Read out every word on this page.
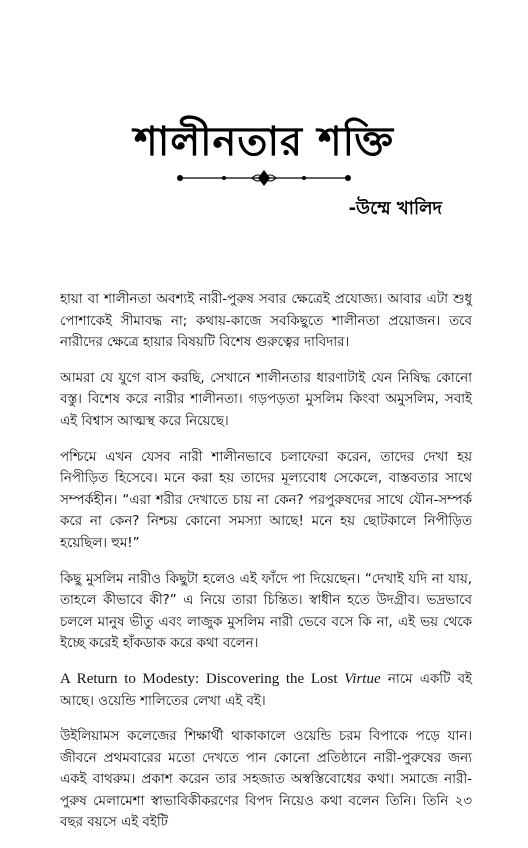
শালীনতার শক্তি
-উম্মে খালিদ

হায়া বা শালীনতা অবশ্যই নারী-পুরুষ সবার ক্ষেত্রেই প্রযোজ্য। আবার এটা শুধু পোশাকেই সীমাবদ্ধ না; কথায়-কাজে সবকিছুতে শালীনতা প্রয়োজন। তবে নারীদের ক্ষেত্রে হায়ার বিষয়টি বিশেষ গুরুত্বের দাবিদার।

আমরা যে যুগে বাস করছি, সেখানে শালীনতার ধারণাটাই যেন নিষিদ্ধ কোনো বস্তু। বিশেষ করে নারীর শালীনতা। গড়পড়তা মুসলিম কিংবা অমুসলিম, সবাই এই বিশ্বাস আত্মস্থ করে নিয়েছে।

পশ্চিমে এখন যেসব নারী শালীনভাবে চলাফেরা করেন, তাদের দেখা হয় নিপীড়িত হিসেবে। মনে করা হয় তাদের মূল্যবোধ সেকেলে, বাস্তবতার সাথে সম্পর্কহীন। “এরা শরীর দেখাতে চায় না কেন? পরপুরুষদের সাথে যৌন-সম্পর্ক করে না কেন? নিশ্চয় কোনো সমস্যা আছে! মনে হয় ছোটকালে নিপীড়িত হয়েছিল। হুম!”

কিছু মুসলিম নারীও কিছুটা হলেও এই ফাঁদে পা দিয়েছেন। “দেখাই যদি না যায়, তাহলে কীভাবে কী?” এ নিয়ে তারা চিন্তিত। স্বাধীন হতে উদগ্রীব। ভদ্রভাবে চললে মানুষ ভীতু এবং লাজুক মুসলিম নারী ভেবে বসে কি না, এই ভয় থেকে ইচ্ছে করেই হাঁকডাক করে কথা বলেন।

A Return to Modesty: Discovering the Lost Virtue নামে একটি বই আছে। ওয়েন্ডি শালিতের লেখা এই বই।

উইলিয়ামস কলেজের শিক্ষার্থী থাকাকালে ওয়েন্ডি চরম বিপাকে পড়ে যান। জীবনে প্রথমবারের মতো দেখতে পান কোনো প্রতিষ্ঠানে নারী-পুরুষের জন্য একই বাথরুম। প্রকাশ করেন তার সহজাত অস্বস্তিবোধের কথা। সমাজে নারী-পুরুষ মেলামেশা স্বাভাবিকীকরণের বিপদ নিয়েও কথা বলেন তিনি। তিনি ২৩ বছর বয়সে এই বইটি
